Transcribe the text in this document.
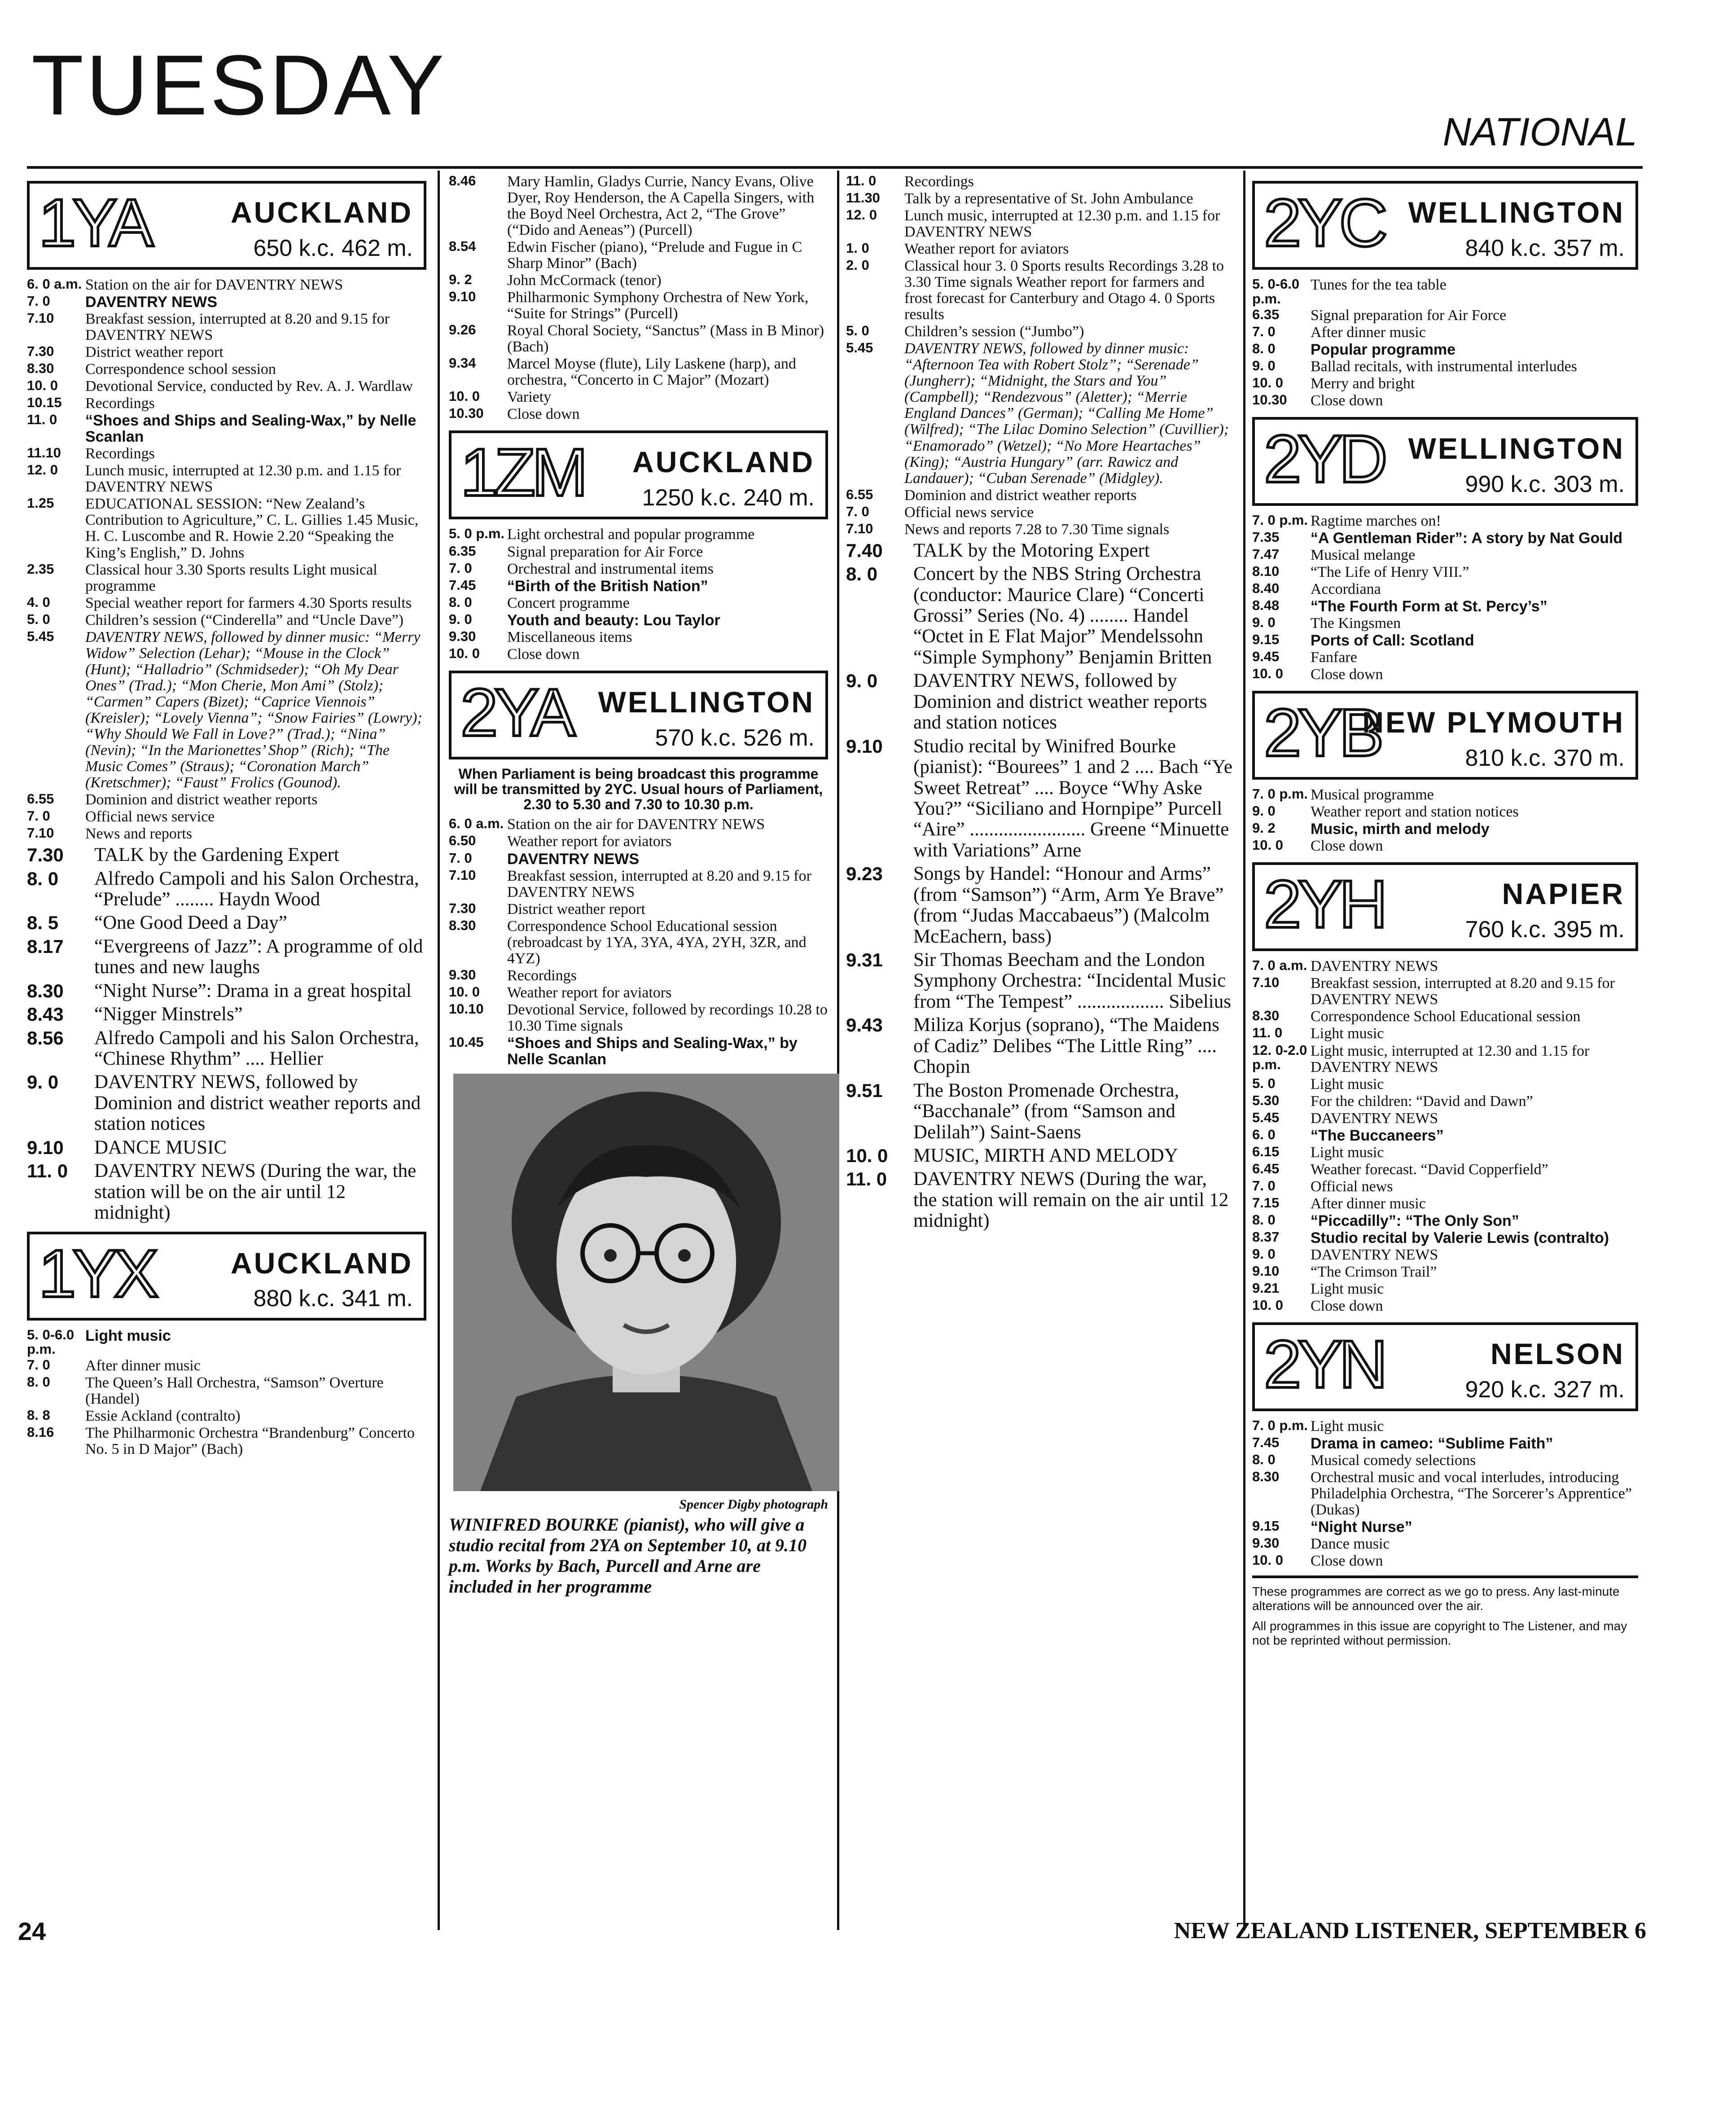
TUESDAY	NATIONAL
1YA	AUCKLAND
650 k.c. 462 m.
6. 0 a.m. Station on the air for DAVENTRY NEWS
7. 0	DAVENTRY NEWS
7.10	Breakfast session, interrupted at 8.20 and 9.15 for DAVENTRY NEWS
7.30	District weather report
8.30	Correspondence school session
10. 0	Devotional Service, conducted by Rev. A. J. Wardlaw
10.15	Recordings
11. 0	“Shoes and Ships and Sealing-Wax,” by Nelle Scanlan
11.10	Recordings
12. 0	Lunch music, interrupted at 12.30 p.m. and 1.15 for DAVENTRY NEWS
1.25	EDUCATIONAL SESSION: “New Zealand’s Contribution to Agriculture,” C. L. Gillies 1.45 Music, H. C. Luscombe and R. Howie 2.20 “Speaking the King’s English,” D. Johns
2.35	Classical hour 3.30 Sports results Light musical programme
4. 0	Special weather report for farmers 4.30 Sports results
5. 0	Children’s session (“Cinderella” and “Uncle Dave”)
5.45	DAVENTRY NEWS, followed by dinner music: “Merry Widow” Selection (Lehar); “Mouse in the Clock” (Hunt); “Halladrio” (Schmidseder); “Oh My Dear Ones” (Trad.); “Mon Cherie, Mon Ami” (Stolz); “Carmen” Capers (Bizet); “Caprice Viennois” (Kreisler); “Lovely Vienna”; “Snow Fairies” (Lowry); “Why Should We Fall in Love?” (Trad.); “Nina” (Nevin); “In the Marionettes’ Shop” (Rich); “The Music Comes” (Straus); “Coronation March” (Kretschmer); “Faust” Frolics (Gounod).
6.55	Dominion and district weather reports
7. 0	Official news service
7.10	News and reports
7.30	TALK by the Gardening Expert
8. 0	Alfredo Campoli and his Salon Orchestra, “Prelude” ........ Haydn Wood
8. 5	“One Good Deed a Day”
8.17	“Evergreens of Jazz”: A programme of old tunes and new laughs
8.30	“Night Nurse”: Drama in a great hospital
8.43	“Nigger Minstrels”
8.56	Alfredo Campoli and his Salon Orchestra, “Chinese Rhythm” .... Hellier
9. 0	DAVENTRY NEWS, followed by Dominion and district weather reports and station notices
9.10	DANCE MUSIC
11. 0	DAVENTRY NEWS (During the war, the station will be on the air until 12 midnight)
1YX	AUCKLAND
880 k.c. 341 m.
5. 0-6.0 p.m.
Light music
7. 0	After dinner music
8. 0	The Queen’s Hall Orchestra, “Samson” Overture (Handel)
8. 8	Essie Ackland (contralto)
8.16	The Philharmonic Orchestra “Brandenburg” Concerto No. 5 in D Major” (Bach)
8.46	Mary Hamlin, Gladys Currie, Nancy Evans, Olive Dyer, Roy Henderson, the A Capella Singers, with the Boyd Neel Orchestra, Act 2, “The Grove” (“Dido and Aeneas”) (Purcell)
8.54	Edwin Fischer (piano), “Prelude and Fugue in C Sharp Minor” (Bach)
9. 2	John McCormack (tenor)
9.10	Philharmonic Symphony Orchestra of New York, “Suite for Strings” (Purcell)
9.26	Royal Choral Society, “Sanctus” (Mass in B Minor) (Bach)
9.34	Marcel Moyse (flute), Lily Laskene (harp), and orchestra, “Concerto in C Major” (Mozart)
10. 0	Variety
10.30	Close down
1ZM AUCKLAND
1250 k.c. 240 m.
5. 0 p.m. Light orchestral and popular programme
6.35	Signal preparation for Air Force
7. 0	Orchestral and instrumental items
7.45	“Birth of the British Nation”
8. 0	Concert programme
9. 0	Youth and beauty: Lou Taylor
9.30	Miscellaneous items
10. 0	Close down
2YA WELLINGTON
570 k.c. 526 m.
When Parliament is being broadcast this programme will be transmitted by 2YC. Usual hours of Parliament, 2.30 to 5.30 and 7.30 to 10.30 p.m.
6. 0 a.m. Station on the air for DAVENTRY NEWS
6.50	Weather report for aviators
7. 0	DAVENTRY NEWS
7.10	Breakfast session, interrupted at 8.20 and 9.15 for DAVENTRY NEWS
7.30	District weather report
8.30	Correspondence School Educational session (rebroadcast by 1YA, 3YA, 4YA, 2YH, 3ZR, and 4YZ)
9.30	Recordings
10. 0	Weather report for aviators
10.10	Devotional Service, followed by recordings 10.28 to 10.30 Time signals
10.45	“Shoes and Ships and Sealing-Wax,” by Nelle Scanlan
Spencer Digby photograph
WINIFRED BOURKE (pianist), who will give a studio recital from 2YA on September 10, at 9.10 p.m. Works by Bach, Purcell and Arne are included in her programme
11. 0	Recordings
11.30	Talk by a representative of St. John Ambulance
12. 0	Lunch music, interrupted at 12.30 p.m. and 1.15 for DAVENTRY NEWS
1. 0	Weather report for aviators
2. 0	Classical hour 3. 0 Sports results Recordings 3.28 to 3.30 Time signals Weather report for farmers and frost forecast for Canterbury and Otago 4. 0 Sports results
5. 0	Children’s session (“Jumbo”)
5.45	DAVENTRY NEWS, followed by dinner music: “Afternoon Tea with Robert Stolz”; “Serenade” (Jungherr); “Midnight, the Stars and You” (Campbell); “Rendezvous” (Aletter); “Merrie England Dances” (German); “Calling Me Home” (Wilfred); “The Lilac Domino Selection” (Cuvillier); “Enamorado” (Wetzel); “No More Heartaches” (King); “Austria Hungary” (arr. Rawicz and Landauer); “Cuban Serenade” (Midgley).
6.55	Dominion and district weather reports
7. 0	Official news service
7.10	News and reports 7.28 to 7.30 Time signals
7.40	TALK by the Motoring Expert
8. 0	Concert by the NBS String Orchestra (conductor: Maurice Clare) “Concerti Grossi” Series (No. 4) ........ Handel “Octet in E Flat Major” Mendelssohn “Simple Symphony” Benjamin Britten
9. 0	DAVENTRY NEWS, followed by Dominion and district weather reports and station notices
9.10	Studio recital by Winifred Bourke (pianist): “Bourees” 1 and 2 .... Bach “Ye Sweet Retreat” .... Boyce “Why Aske You?” “Siciliano and Hornpipe” Purcell “Aire” ........................ Greene “Minuette with Variations” Arne
9.23	Songs by Handel: “Honour and Arms” (from “Samson”) “Arm, Arm Ye Brave” (from “Judas Maccabaeus”) (Malcolm McEachern, bass)
9.31	Sir Thomas Beecham and the London Symphony Orchestra: “Incidental Music from “The Tempest” .................. Sibelius
9.43	Miliza Korjus (soprano), “The Maidens of Cadiz” Delibes “The Little Ring” .... Chopin
9.51	The Boston Promenade Orchestra, “Bacchanale” (from “Samson and Delilah”) Saint-Saens
10. 0	MUSIC, MIRTH AND MELODY
11. 0	DAVENTRY NEWS (During the war, the station will remain on the air until 12 midnight)
2YC WELLINGTON
840 k.c. 357 m.
5. 0-6.0 p.m.
Tunes for the tea table
6.35	Signal preparation for Air Force
7. 0	After dinner music
8. 0	Popular programme
9. 0	Ballad recitals, with instrumental interludes
10. 0	Merry and bright
10.30	Close down
2YD WELLINGTON
990 k.c. 303 m.
7. 0 p.m. Ragtime marches on!
7.35	“A Gentleman Rider”: A story by Nat Gould
7.47	Musical melange
8.10	“The Life of Henry VIII.”
8.40	Accordiana
8.48	“The Fourth Form at St. Percy’s”
9. 0	The Kingsmen
9.15	Ports of Call: Scotland
9.45	Fanfare
10. 0	Close down
2YB
NEW PLYMOUTH
810 k.c. 370 m.
7. 0 p.m. Musical programme
9. 0	Weather report and station notices
9. 2	Music, mirth and melody
10. 0	Close down
2YH	NAPIER
760 k.c. 395 m.
7. 0 a.m. DAVENTRY NEWS
7.10	Breakfast session, interrupted at 8.20 and 9.15 for DAVENTRY NEWS
8.30	Correspondence School Educational session
11. 0	Light music
12. 0-2.0 p.m.
Light music, interrupted at 12.30 and 1.15 for DAVENTRY NEWS
5. 0	Light music
5.30	For the children: “David and Dawn”
5.45	DAVENTRY NEWS
6. 0	“The Buccaneers”
6.15	Light music
6.45	Weather forecast. “David Copperfield”
7. 0	Official news
7.15	After dinner music
8. 0	“Piccadilly”: “The Only Son”
8.37	Studio recital by Valerie Lewis (contralto)
9. 0	DAVENTRY NEWS
9.10	“The Crimson Trail”
9.21	Light music
10. 0	Close down
2YN	NELSON
920 k.c. 327 m.
7. 0 p.m. Light music
7.45	Drama in cameo: “Sublime Faith”
8. 0	Musical comedy selections
8.30	Orchestral music and vocal interludes, introducing Philadelphia Orchestra, “The Sorcerer’s Apprentice” (Dukas)
9.15	“Night Nurse”
9.30	Dance music
10. 0	Close down

These programmes are correct as we go to press. Any last-minute alterations will be announced over the air.

All programmes in this issue are copyright to The Listener, and may not be reprinted without permission.

24	NEW ZEALAND LISTENER, SEPTEMBER 6
